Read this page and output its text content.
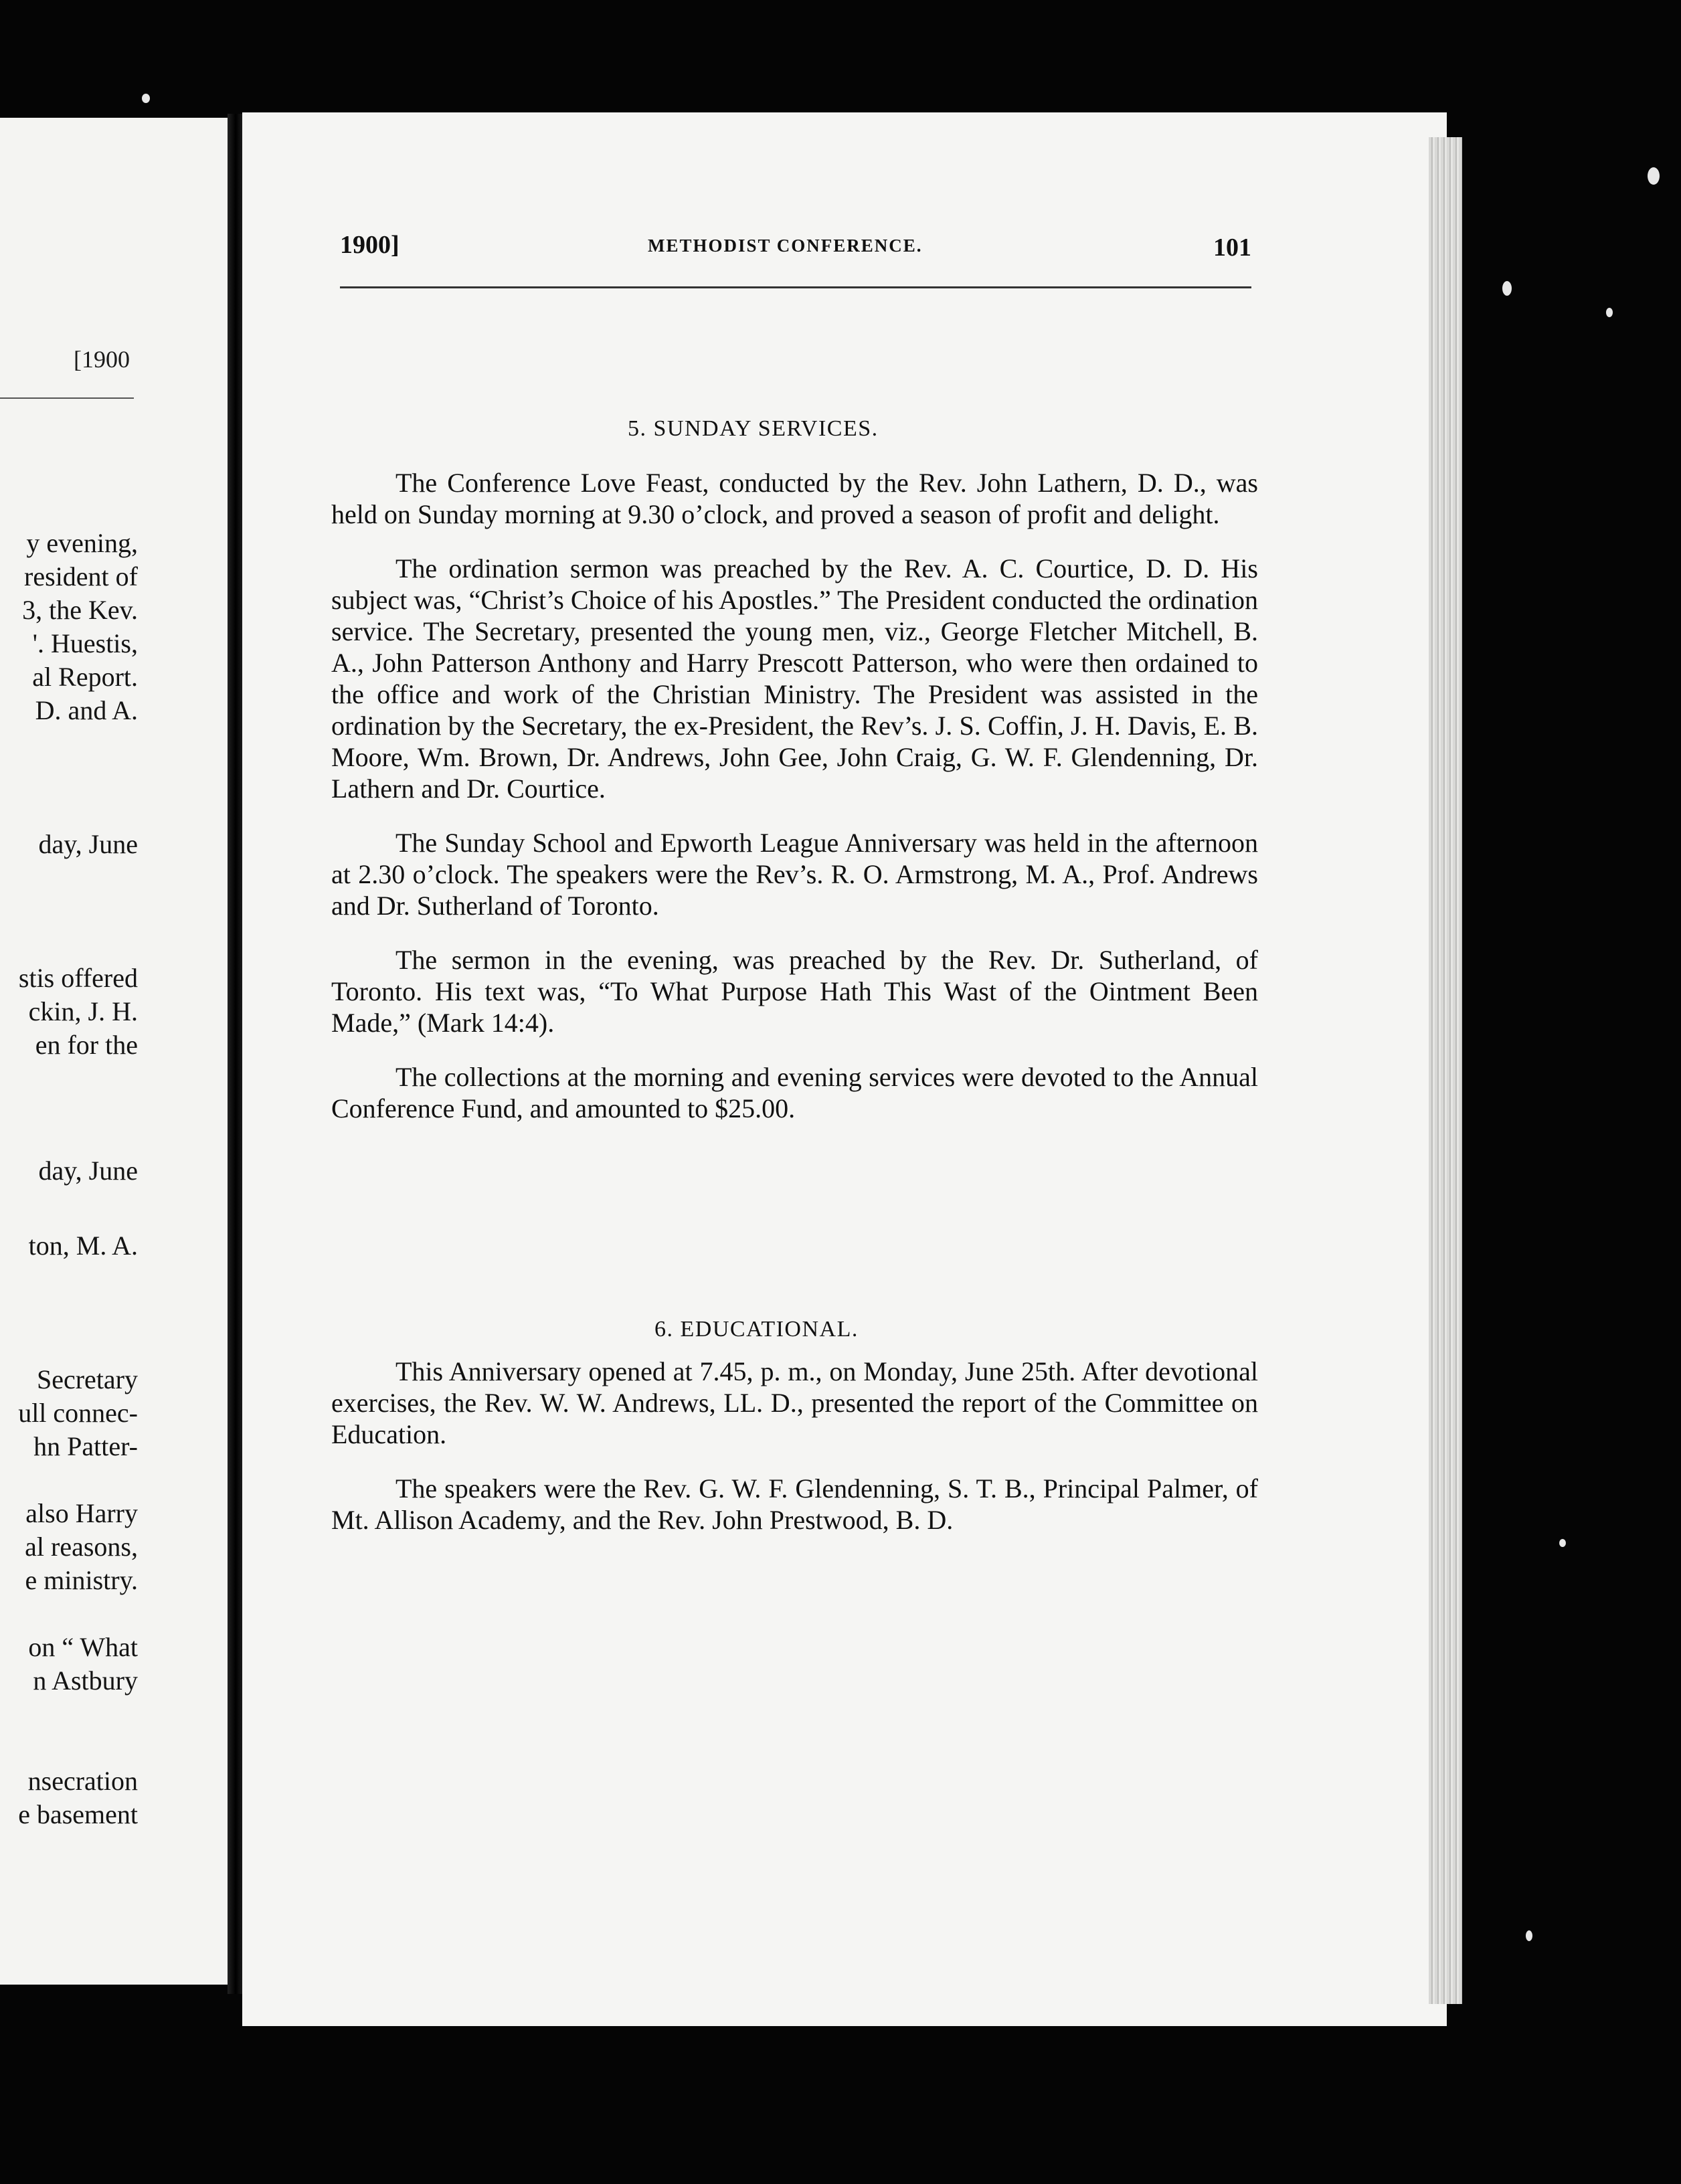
[1900
y evening,
resident of
3, the Kev.
'. Huestis,
al Report.
D. and A.
day, June
stis offered
ckin, J. H.
en for the
day, June
ton, M. A.
Secretary
ull connec-
hn Patter-
also Harry
al reasons,
e ministry.
on “ What
n Astbury
nsecration
e basement
1900]	METHODIST CONFERENCE.	101
5. SUNDAY SERVICES.

The Conference Love Feast, conducted by the Rev. John Lathern, D. D., was held on Sunday morning at 9.30 o’clock, and proved a season of profit and delight.

The ordination sermon was preached by the Rev. A. C. Courtice, D. D. His subject was, “Christ’s Choice of his Apostles.” The President conducted the ordination service. The Secretary, presented the young men, viz., George Fletcher Mitchell, B. A., John Patterson Anthony and Harry Prescott Patterson, who were then ordained to the office and work of the Christian Ministry. The President was assisted in the ordination by the Secretary, the ex-President, the Rev’s. J. S. Coffin, J. H. Davis, E. B. Moore, Wm. Brown, Dr. Andrews, John Gee, John Craig, G. W. F. Glendenning, Dr. Lathern and Dr. Courtice.

The Sunday School and Epworth League Anniversary was held in the afternoon at 2.30 o’clock. The speakers were the Rev’s. R. O. Armstrong, M. A., Prof. Andrews and Dr. Sutherland of Toronto.

The sermon in the evening, was preached by the Rev. Dr. Sutherland, of Toronto. His text was, “To What Purpose Hath This Wast of the Ointment Been Made,” (Mark 14:4).

The collections at the morning and evening services were devoted to the Annual Conference Fund, and amounted to $25.00.

6. EDUCATIONAL.

This Anniversary opened at 7.45, p. m., on Monday, June 25th. After devotional exercises, the Rev. W. W. Andrews, LL. D., presented the report of the Committee on Education.

The speakers were the Rev. G. W. F. Glendenning, S. T. B., Principal Palmer, of Mt. Allison Academy, and the Rev. John Prestwood, B. D.
